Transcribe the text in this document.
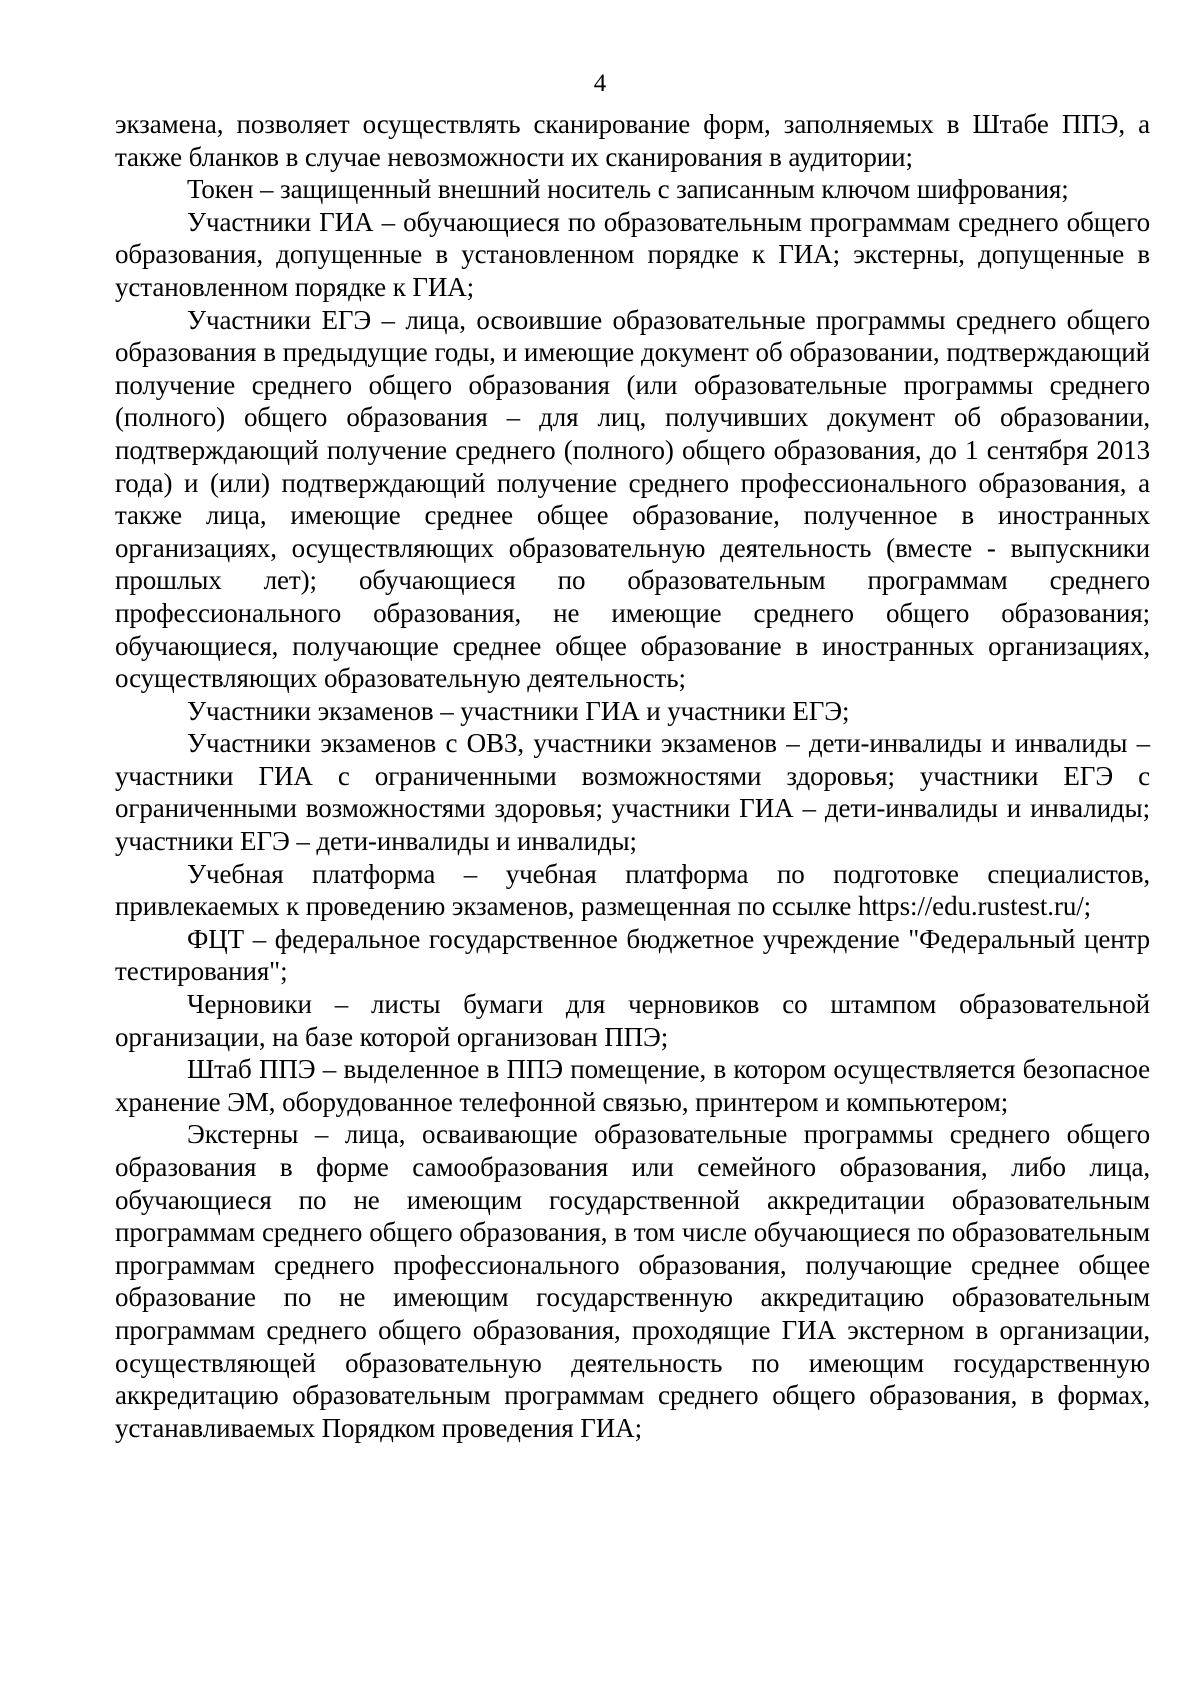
4

экзамена, позволяет осуществлять сканирование форм, заполняемых в Штабе ППЭ, а также бланков в случае невозможности их сканирования в аудитории;

Токен – защищенный внешний носитель с записанным ключом шифрования;

Участники ГИА – обучающиеся по образовательным программам среднего общего образования, допущенные в установленном порядке к ГИА; экстерны, допущенные в установленном порядке к ГИА;

Участники ЕГЭ – лица, освоившие образовательные программы среднего общего образования в предыдущие годы, и имеющие документ об образовании, подтверждающий получение среднего общего образования (или образовательные программы среднего (полного) общего образования – для лиц, получивших документ об образовании, подтверждающий получение среднего (полного) общего образования, до 1 сентября 2013 года) и (или) подтверждающий получение среднего профессионального образования, а также лица, имеющие среднее общее образование, полученное в иностранных организациях, осуществляющих образовательную деятельность (вместе - выпускники прошлых лет); обучающиеся по образовательным программам среднего профессионального образования, не имеющие среднего общего образования; обучающиеся, получающие среднее общее образование в иностранных организациях, осуществляющих образовательную деятельность;

Участники экзаменов – участники ГИА и участники ЕГЭ;

Участники экзаменов с ОВЗ, участники экзаменов – дети-инвалиды и инвалиды – участники ГИА с ограниченными возможностями здоровья; участники ЕГЭ с ограниченными возможностями здоровья; участники ГИА – дети-инвалиды и инвалиды; участники ЕГЭ – дети-инвалиды и инвалиды;

Учебная платформа – учебная платформа по подготовке специалистов, привлекаемых к проведению экзаменов, размещенная по ссылке https://edu.rustest.ru/;

ФЦТ – федеральное государственное бюджетное учреждение "Федеральный центр тестирования";

Черновики – листы бумаги для черновиков со штампом образовательной организации, на базе которой организован ППЭ;

Штаб ППЭ – выделенное в ППЭ помещение, в котором осуществляется безопасное хранение ЭМ, оборудованное телефонной связью, принтером и компьютером;

Экстерны – лица, осваивающие образовательные программы среднего общего образования в форме самообразования или семейного образования, либо лица, обучающиеся по не имеющим государственной аккредитации образовательным программам среднего общего образования, в том числе обучающиеся по образовательным программам среднего профессионального образования, получающие среднее общее образование по не имеющим государственную аккредитацию образовательным программам среднего общего образования, проходящие ГИА экстерном в организации, осуществляющей образовательную деятельность по имеющим государственную аккредитацию образовательным программам среднего общего образования, в формах, устанавливаемых Порядком проведения ГИА;
